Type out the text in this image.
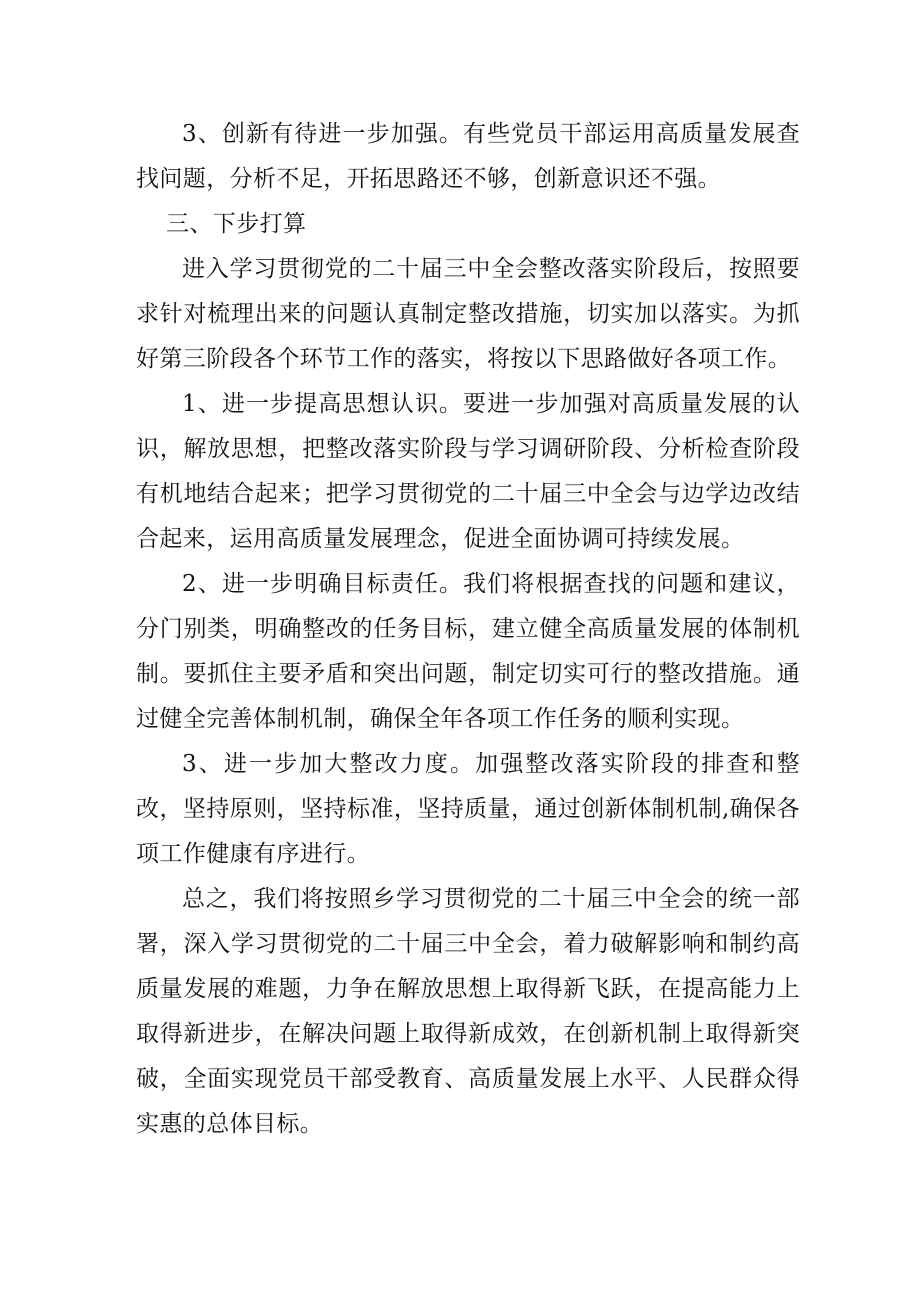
3、创新有待进一步加强。有些党员干部运用高质量发展查找问题，分析不足，开拓思路还不够，创新意识还不强。

三、下步打算

进入学习贯彻党的二十届三中全会整改落实阶段后，按照要求针对梳理出来的问题认真制定整改措施，切实加以落实。为抓好第三阶段各个环节工作的落实，将按以下思路做好各项工作。

1、进一步提高思想认识。要进一步加强对高质量发展的认识，解放思想，把整改落实阶段与学习调研阶段、分析检查阶段有机地结合起来；把学习贯彻党的二十届三中全会与边学边改结合起来，运用高质量发展理念，促进全面协调可持续发展。

2、进一步明确目标责任。我们将根据查找的问题和建议，分门别类，明确整改的任务目标，建立健全高质量发展的体制机制。要抓住主要矛盾和突出问题，制定切实可行的整改措施。通过健全完善体制机制，确保全年各项工作任务的顺利实现。

3、进一步加大整改力度。加强整改落实阶段的排查和整改，坚持原则，坚持标准，坚持质量，通过创新体制机制,确保各项工作健康有序进行。

总之，我们将按照乡学习贯彻党的二十届三中全会的统一部署，深入学习贯彻党的二十届三中全会，着力破解影响和制约高质量发展的难题，力争在解放思想上取得新飞跃，在提高能力上取得新进步，在解决问题上取得新成效，在创新机制上取得新突破，全面实现党员干部受教育、高质量发展上水平、人民群众得实惠的总体目标。
